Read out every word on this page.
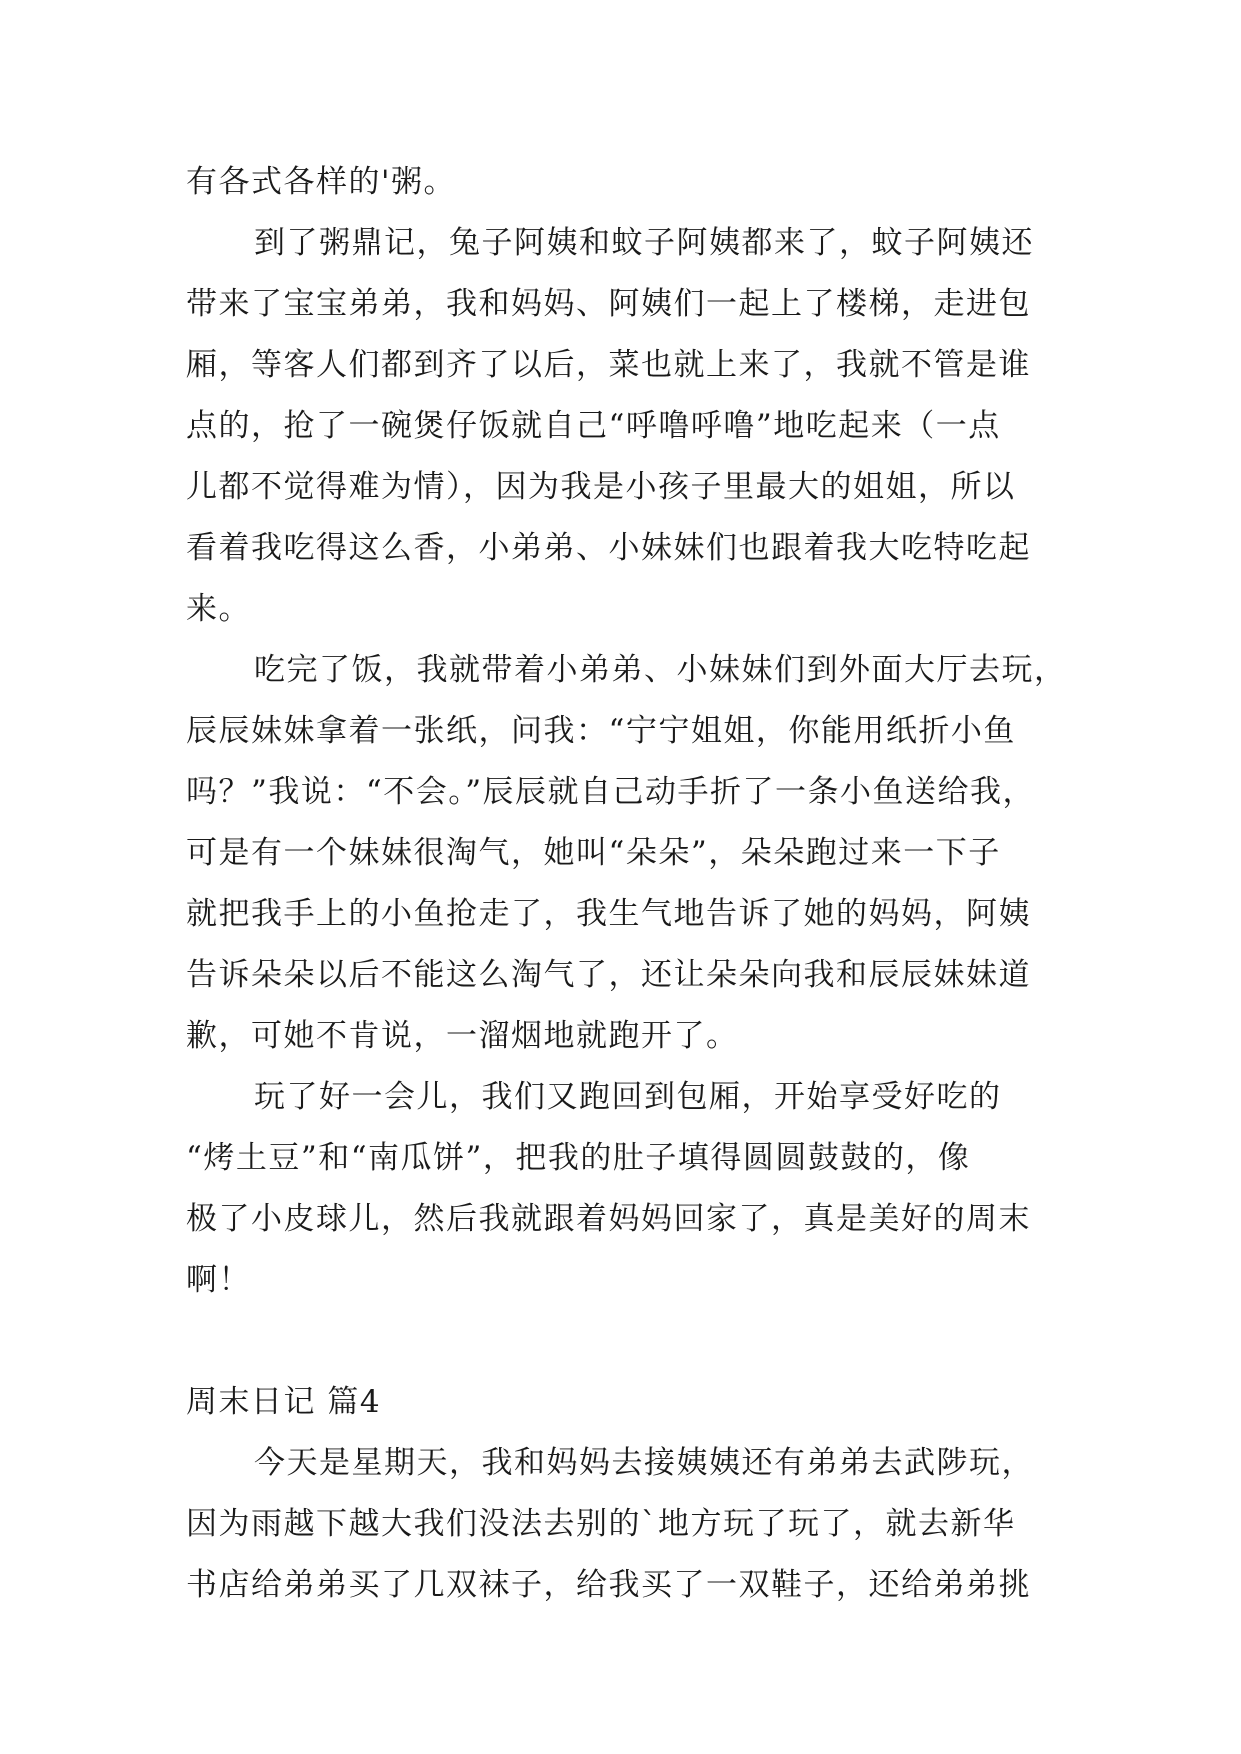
有各式各样的'粥。
到了粥鼎记，兔子阿姨和蚊子阿姨都来了，蚊子阿姨还
带来了宝宝弟弟，我和妈妈、阿姨们一起上了楼梯，走进包
厢，等客人们都到齐了以后，菜也就上来了，我就不管是谁
点的，抢了一碗煲仔饭就自己“呼噜呼噜”地吃起来（一点
儿都不觉得难为情），因为我是小孩子里最大的姐姐，所以
看着我吃得这么香，小弟弟、小妹妹们也跟着我大吃特吃起
来。
吃完了饭，我就带着小弟弟、小妹妹们到外面大厅去玩，
辰辰妹妹拿着一张纸，问我：“宁宁姐姐，你能用纸折小鱼
吗？”我说：“不会。”辰辰就自己动手折了一条小鱼送给我，
可是有一个妹妹很淘气，她叫“朵朵”，朵朵跑过来一下子
就把我手上的小鱼抢走了，我生气地告诉了她的妈妈，阿姨
告诉朵朵以后不能这么淘气了，还让朵朵向我和辰辰妹妹道
歉，可她不肯说，一溜烟地就跑开了。
玩了好一会儿，我们又跑回到包厢，开始享受好吃的
“烤土豆”和“南瓜饼”，把我的肚子填得圆圆鼓鼓的，像
极了小皮球儿，然后我就跟着妈妈回家了，真是美好的周末
啊！
周末日记 篇4
今天是星期天，我和妈妈去接姨姨还有弟弟去武陟玩，
因为雨越下越大我们没法去别的`地方玩了玩了，就去新华
书店给弟弟买了几双袜子，给我买了一双鞋子，还给弟弟挑
